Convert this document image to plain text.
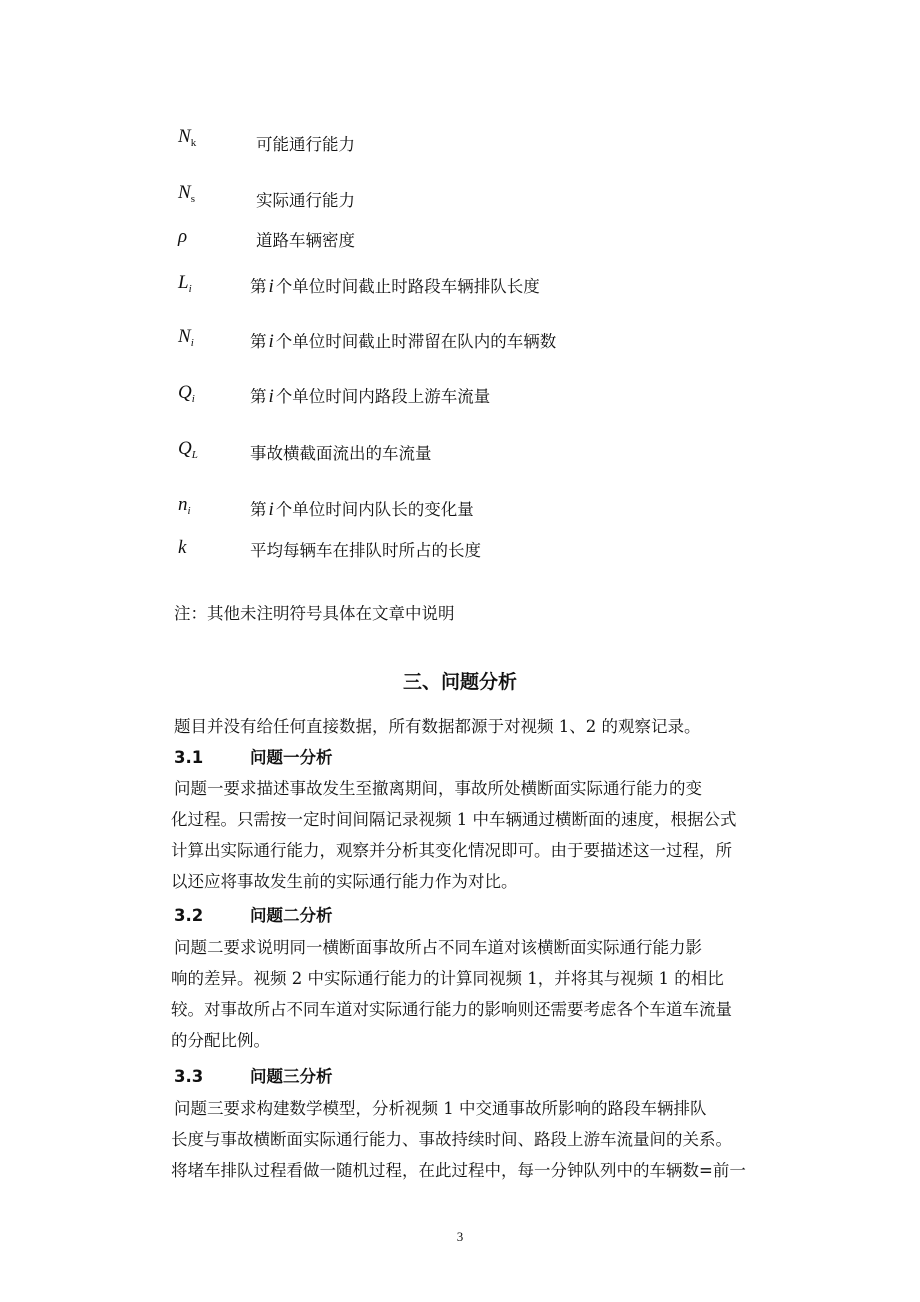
$N_k$	可能通行能力
$N_s$	实际通行能力
ρ	道路车辆密度
$L_i$	第 i 个单位时间截止时路段车辆排队长度
$N_i$	第 i 个单位时间截止时滞留在队内的车辆数
$Q_i$	第 i 个单位时间内路段上游车流量
$Q_L$	事故横截面流出的车流量
$n_i$	第 i 个单位时间内队长的变化量
k	平均每辆车在排队时所占的长度
注：其他未注明符号具体在文章中说明
三、问题分析
题目并没有给任何直接数据，所有数据都源于对视频 1、2 的观察记录。
3.1	问题一分析
问题一要求描述事故发生至撤离期间，事故所处横断面实际通行能力的变
化过程。只需按一定时间间隔记录视频 1 中车辆通过横断面的速度，根据公式
计算出实际通行能力，观察并分析其变化情况即可。由于要描述这一过程，所
以还应将事故发生前的实际通行能力作为对比。
3.2	问题二分析
问题二要求说明同一横断面事故所占不同车道对该横断面实际通行能力影
响的差异。视频 2 中实际通行能力的计算同视频 1，并将其与视频 1 的相比
较。对事故所占不同车道对实际通行能力的影响则还需要考虑各个车道车流量
的分配比例。
3.3	问题三分析
问题三要求构建数学模型，分析视频 1 中交通事故所影响的路段车辆排队
长度与事故横断面实际通行能力、事故持续时间、路段上游车流量间的关系。
将堵车排队过程看做一随机过程，在此过程中，每一分钟队列中的车辆数=前一
3
